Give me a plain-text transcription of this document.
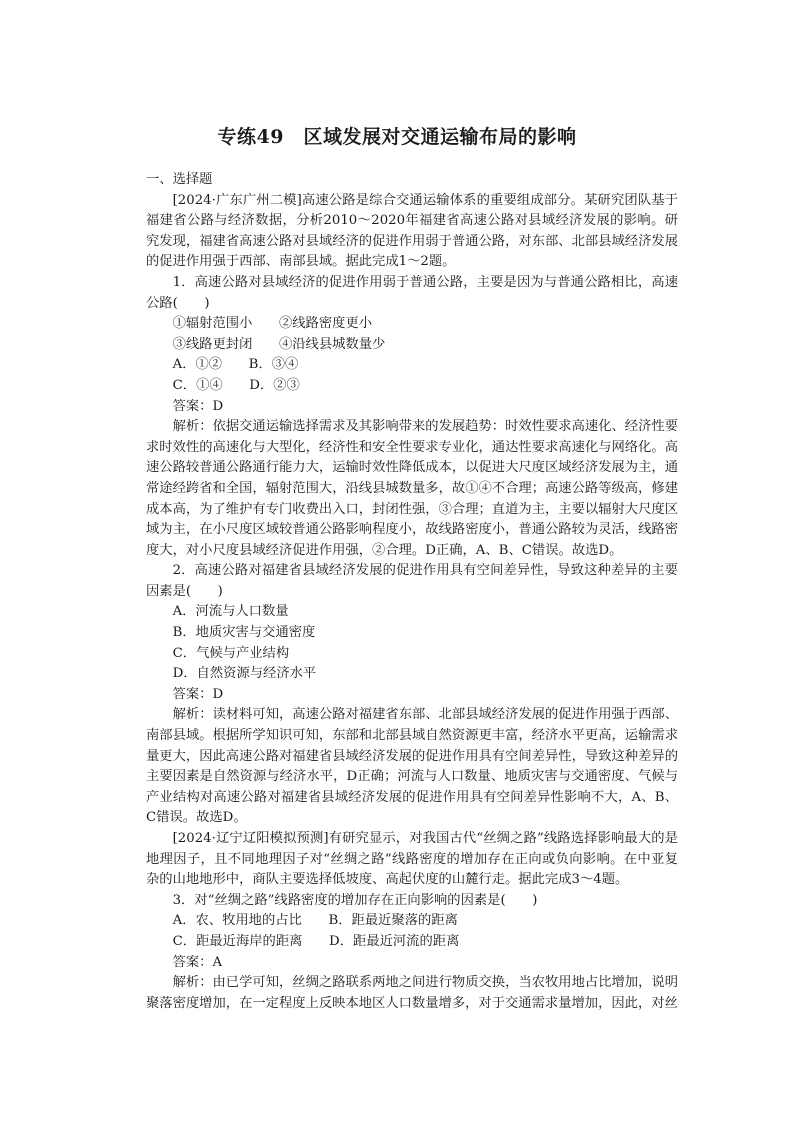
专练49　区域发展对交通运输布局的影响

一、选择题

[2024·广东广州二模]高速公路是综合交通运输体系的重要组成部分。某研究团队基于福建省公路与经济数据，分析2010～2020年福建省高速公路对县域经济发展的影响。研究发现，福建省高速公路对县域经济的促进作用弱于普通公路，对东部、北部县域经济发展的促进作用强于西部、南部县域。据此完成1～2题。

1．高速公路对县域经济的促进作用弱于普通公路，主要是因为与普通公路相比，高速公路(　　)

①辐射范围小　　②线路密度更小

③线路更封闭　　④沿线县城数量少

A．①②　　B．③④

C．①④　　D．②③

答案：D

解析：依据交通运输选择需求及其影响带来的发展趋势：时效性要求高速化、经济性要求时效性的高速化与大型化，经济性和安全性要求专业化，通达性要求高速化与网络化。高速公路较普通公路通行能力大，运输时效性降低成本，以促进大尺度区域经济发展为主，通常途经跨省和全国，辐射范围大，沿线县城数量多，故①④不合理；高速公路等级高，修建成本高，为了维护有专门收费出入口，封闭性强，③合理；直道为主，主要以辐射大尺度区域为主，在小尺度区域较普通公路影响程度小，故线路密度小，普通公路较为灵活，线路密度大，对小尺度县域经济促进作用强，②合理。D正确，A、B、C错误。故选D。

2．高速公路对福建省县域经济发展的促进作用具有空间差异性，导致这种差异的主要因素是(　　)

A．河流与人口数量

B．地质灾害与交通密度

C．气候与产业结构

D．自然资源与经济水平

答案：D

解析：读材料可知，高速公路对福建省东部、北部县域经济发展的促进作用强于西部、南部县域。根据所学知识可知，东部和北部县域自然资源更丰富，经济水平更高，运输需求量更大，因此高速公路对福建省县域经济发展的促进作用具有空间差异性，导致这种差异的主要因素是自然资源与经济水平，D正确；河流与人口数量、地质灾害与交通密度、气候与产业结构对高速公路对福建省县域经济发展的促进作用具有空间差异性影响不大，A、B、C错误。故选D。

[2024·辽宁辽阳模拟预测]有研究显示，对我国古代“丝绸之路”线路选择影响最大的是地理因子，且不同地理因子对“丝绸之路”线路密度的增加存在正向或负向影响。在中亚复杂的山地地形中，商队主要选择低坡度、高起伏度的山麓行走。据此完成3～4题。

3．对“丝绸之路”线路密度的增加存在正向影响的因素是(　　)

A．农、牧用地的占比　　B．距最近聚落的距离

C．距最近海岸的距离　　D．距最近河流的距离

答案：A

解析：由已学可知，丝绸之路联系两地之间进行物质交换，当农牧用地占比增加，说明聚落密度增加，在一定程度上反映本地区人口数量增多，对于交通需求量增加，因此，对丝
